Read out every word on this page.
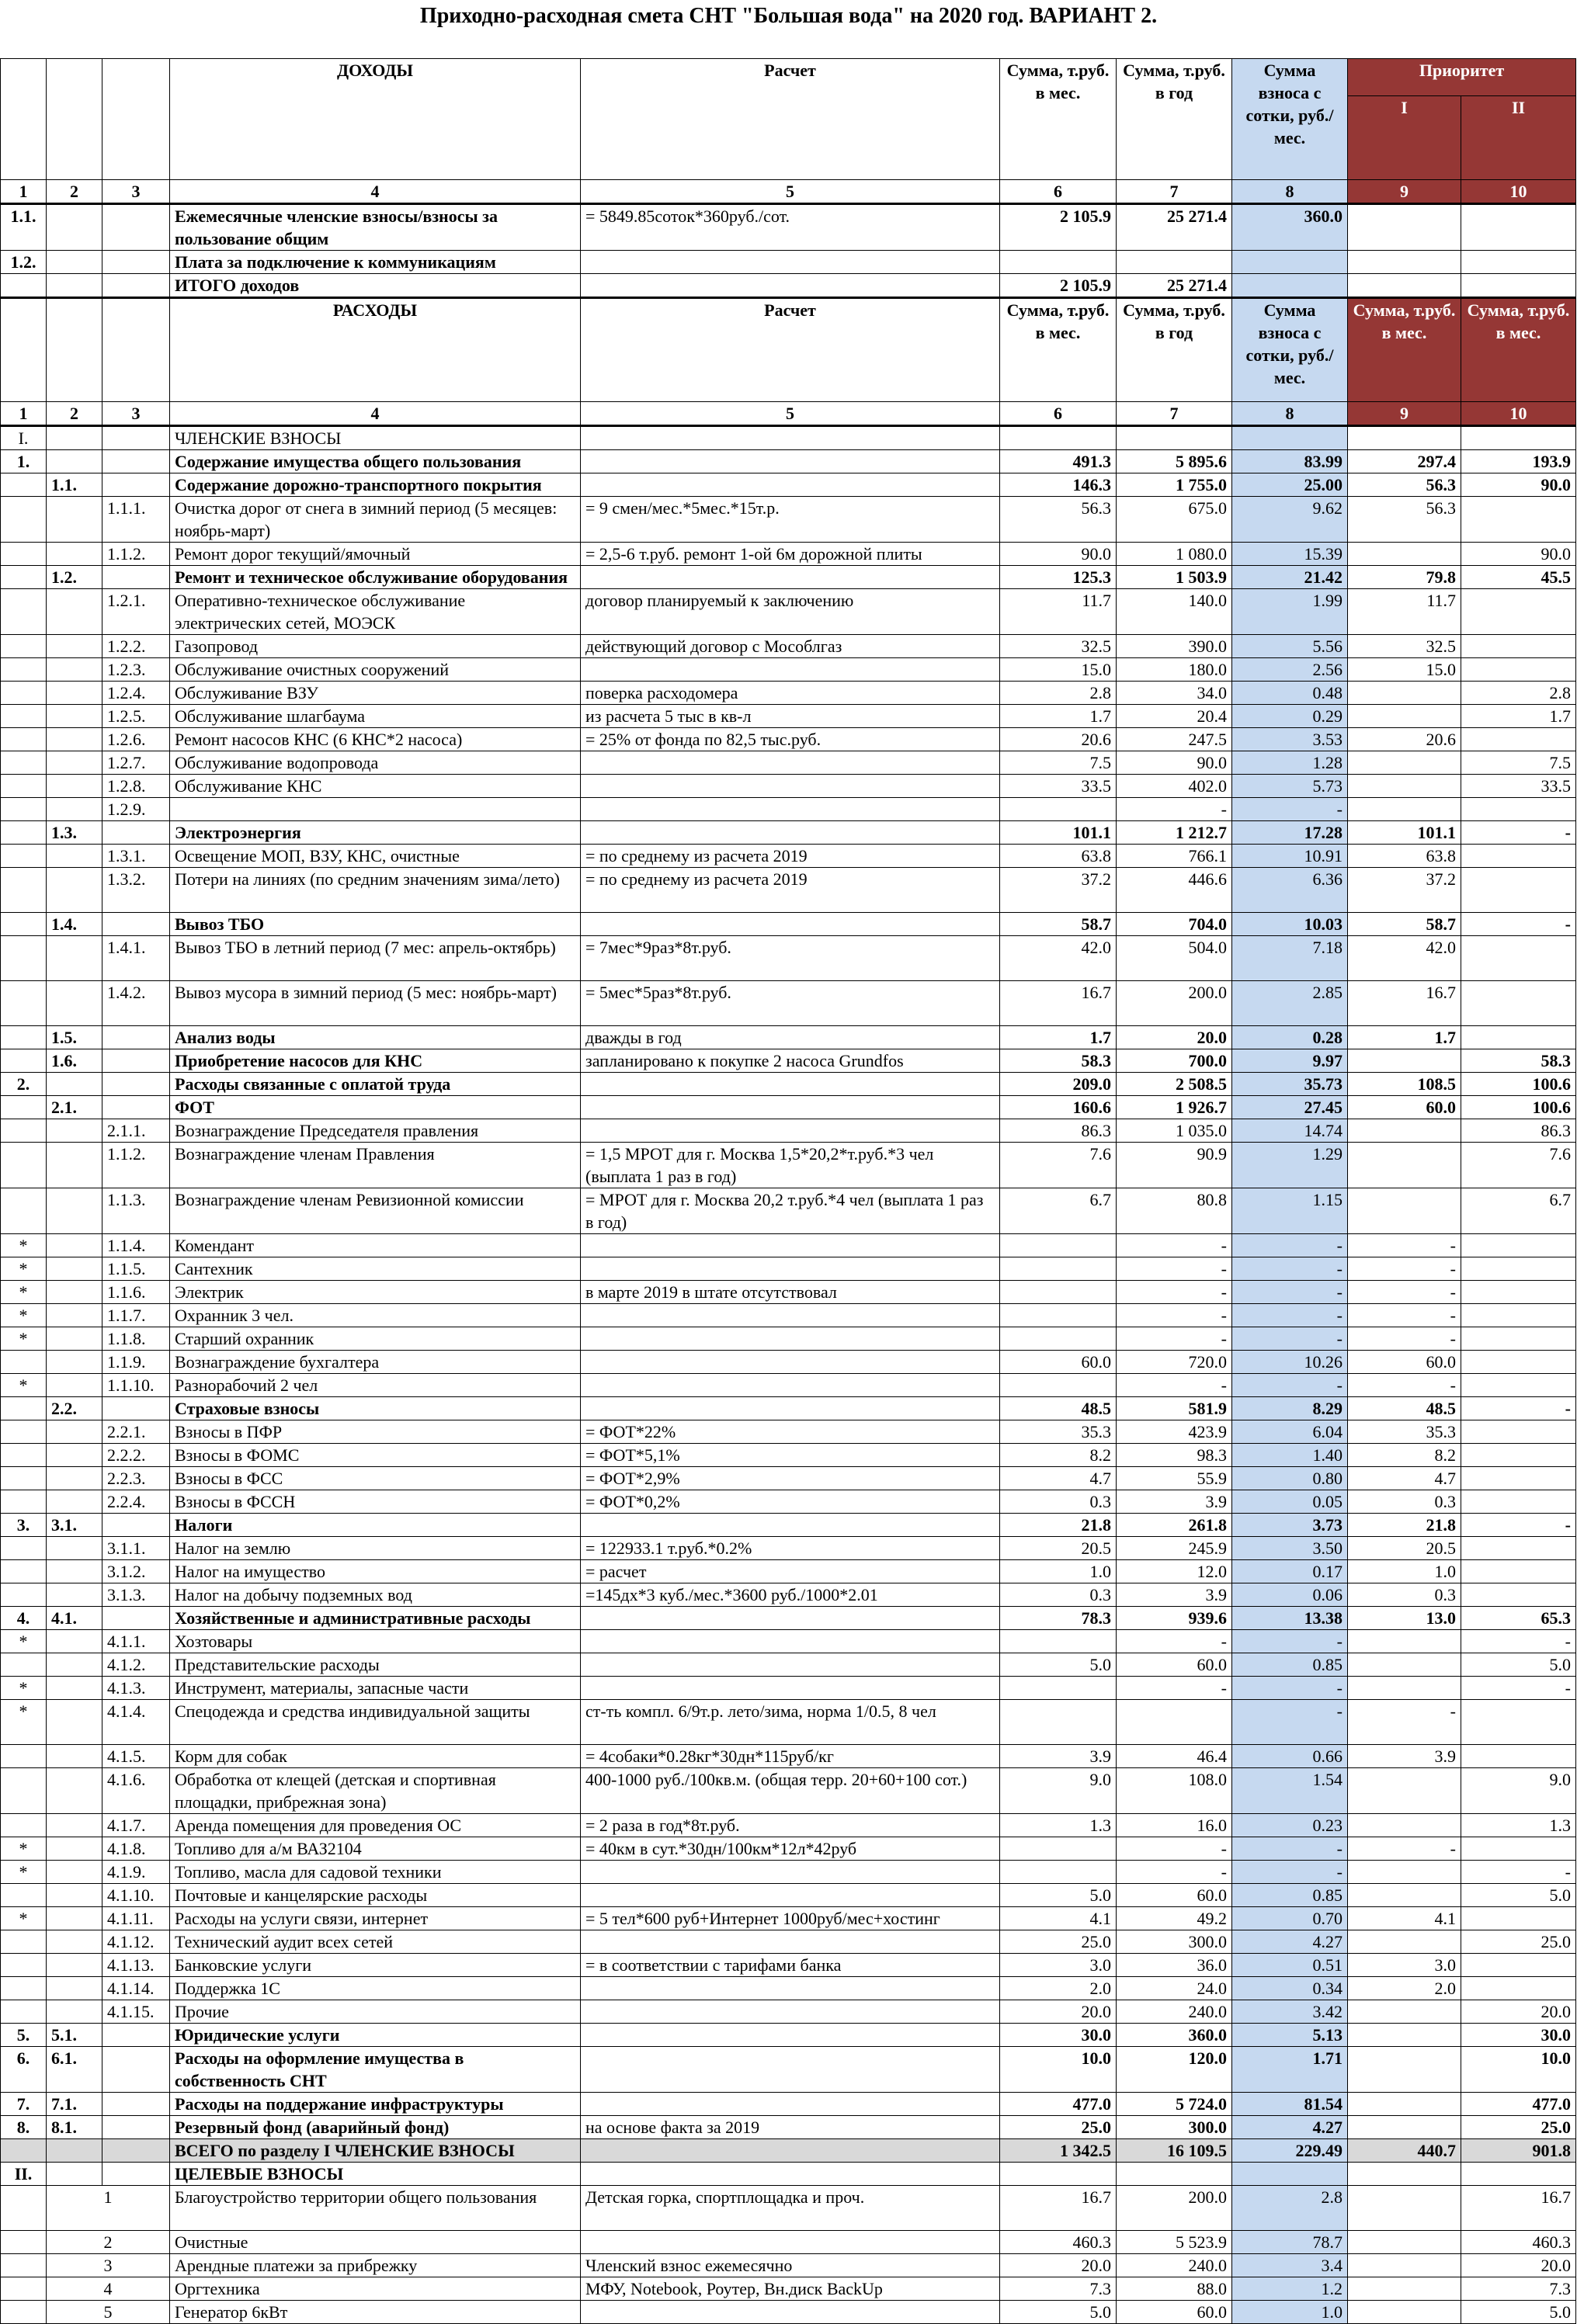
Приходно-расходная смета СНТ "Большая вода" на 2020 год. ВАРИАНТ 2.
			ДОХОДЫ	Расчет	Сумма, т.руб. в мес.	Сумма, т.руб. в год	Сумма взноса с сотки, руб./мес.	Приоритет	
								I	II
1	2	3	4	5	6	7	8	9	10
1.1.			Ежемесячные членские взносы/взносы за пользование общим	= 5849.85соток*360руб./сот.	2 105.9	25 271.4	360.0		
1.2.			Плата за подключение к коммуникациям						
			ИТОГО доходов		2 105.9	25 271.4			
			РАСХОДЫ	Расчет	Сумма, т.руб. в мес.	Сумма, т.руб. в год	Сумма взноса с сотки, руб./мес.	Сумма, т.руб. в мес.	Сумма, т.руб. в мес.
1	2	3	4	5	6	7	8	9	10
I.			ЧЛЕНСКИЕ ВЗНОСЫ						
1.			Содержание имущества общего пользования		491.3	5 895.6	83.99	297.4	193.9
	1.1.		Содержание дорожно-транспортного покрытия		146.3	1 755.0	25.00	56.3	90.0
		1.1.1.	Очистка дорог от снега в зимний период (5 месяцев: ноябрь-март)	= 9 смен/мес.*5мес.*15т.р.	56.3	675.0	9.62	56.3	
		1.1.2.	Ремонт дорог текущий/ямочный	= 2,5-6 т.руб. ремонт 1-ой 6м дорожной плиты	90.0	1 080.0	15.39		90.0
	1.2.		Ремонт и техническое обслуживание оборудования		125.3	1 503.9	21.42	79.8	45.5
		1.2.1.	Оперативно-техническое обслуживание электрических сетей, МОЭСК	договор планируемый к заключению	11.7	140.0	1.99	11.7	
		1.2.2.	Газопровод	действующий договор с Мособлгаз	32.5	390.0	5.56	32.5	
		1.2.3.	Обслуживание очистных сооружений		15.0	180.0	2.56	15.0	
		1.2.4.	Обслуживание ВЗУ	поверка расходомера	2.8	34.0	0.48		2.8
		1.2.5.	Обслуживание шлагбаума	из расчета 5 тыс в кв-л	1.7	20.4	0.29		1.7
		1.2.6.	Ремонт насосов КНС (6 КНС*2 насоса)	= 25% от фонда по 82,5 тыс.руб.	20.6	247.5	3.53	20.6	
		1.2.7.	Обслуживание водопровода		7.5	90.0	1.28		7.5
		1.2.8.	Обслуживание КНС		33.5	402.0	5.73		33.5
		1.2.9.				-	-		
	1.3.		Электроэнергия		101.1	1 212.7	17.28	101.1	-
		1.3.1.	Освещение МОП, ВЗУ, КНС, очистные	= по среднему из расчета 2019	63.8	766.1	10.91	63.8	
		1.3.2.	Потери на линиях (по средним значениям зима/лето)	= по среднему из расчета 2019	37.2	446.6	6.36	37.2	
	1.4.		Вывоз ТБО		58.7	704.0	10.03	58.7	-
		1.4.1.	Вывоз ТБО в летний период (7 мес: апрель-октябрь)	= 7мес*9раз*8т.руб.	42.0	504.0	7.18	42.0	
		1.4.2.	Вывоз мусора в зимний период (5 мес: ноябрь-март)	= 5мес*5раз*8т.руб.	16.7	200.0	2.85	16.7	
	1.5.		Анализ воды	дважды в год	1.7	20.0	0.28	1.7	
	1.6.		Приобретение насосов для КНС	запланировано к покупке 2 насоса Grundfos	58.3	700.0	9.97		58.3
2.			Расходы связанные с оплатой труда		209.0	2 508.5	35.73	108.5	100.6
	2.1.		ФОТ		160.6	1 926.7	27.45	60.0	100.6
		2.1.1.	Вознаграждение Председателя правления		86.3	1 035.0	14.74		86.3
		1.1.2.	Вознаграждение членам Правления	= 1,5 МРОТ для г. Москва 1,5*20,2*т.руб.*3 чел (выплата 1 раз в год)	7.6	90.9	1.29		7.6
		1.1.3.	Вознаграждение членам Ревизионной комиссии	= МРОТ для г. Москва 20,2 т.руб.*4 чел (выплата 1 раз в год)	6.7	80.8	1.15		6.7
*		1.1.4.	Комендант			-	-	-	
*		1.1.5.	Сантехник			-	-	-	
*		1.1.6.	Электрик	в марте 2019 в штате отсутствовал		-	-	-	
*		1.1.7.	Охранник 3 чел.			-	-	-	
*		1.1.8.	Старший охранник			-	-	-	
		1.1.9.	Вознаграждение бухгалтера		60.0	720.0	10.26	60.0	
*		1.1.10.	Разнорабочий 2 чел			-	-	-	
	2.2.		Страховые взносы		48.5	581.9	8.29	48.5	-
		2.2.1.	Взносы в ПФР	= ФОТ*22%	35.3	423.9	6.04	35.3	
		2.2.2.	Взносы в ФОМС	= ФОТ*5,1%	8.2	98.3	1.40	8.2	
		2.2.3.	Взносы в ФСС	= ФОТ*2,9%	4.7	55.9	0.80	4.7	
		2.2.4.	Взносы в ФССН	= ФОТ*0,2%	0.3	3.9	0.05	0.3	
3.	3.1.		Налоги		21.8	261.8	3.73	21.8	-
		3.1.1.	Налог на землю	= 122933.1 т.руб.*0.2%	20.5	245.9	3.50	20.5	
		3.1.2.	Налог на имущество	= расчет	1.0	12.0	0.17	1.0	
		3.1.3.	Налог на добычу подземных вод	=145дх*3 куб./мес.*3600 руб./1000*2.01	0.3	3.9	0.06	0.3	
4.	4.1.		Хозяйственные и административные расходы		78.3	939.6	13.38	13.0	65.3
*		4.1.1.	Хозтовары			-	-		-
		4.1.2.	Представительские расходы		5.0	60.0	0.85		5.0
*		4.1.3.	Инструмент, материалы, запасные части			-	-		-
*		4.1.4.	Спецодежда и средства индивидуальной защиты	ст-ть компл. 6/9т.р. лето/зима, норма 1/0.5, 8 чел			-	-	
		4.1.5.	Корм для собак	= 4собаки*0.28кг*30дн*115руб/кг	3.9	46.4	0.66	3.9	
		4.1.6.	Обработка от клещей (детская и спортивная площадки, прибрежная зона)	400-1000 руб./100кв.м. (общая терр. 20+60+100 сот.)	9.0	108.0	1.54		9.0
		4.1.7.	Аренда помещения для проведения ОС	= 2 раза в год*8т.руб.	1.3	16.0	0.23		1.3
*		4.1.8.	Топливо для а/м ВАЗ2104	= 40км в сут.*30дн/100км*12л*42руб		-	-	-	
*		4.1.9.	Топливо, масла для садовой техники			-	-		-
		4.1.10.	Почтовые и канцелярские расходы		5.0	60.0	0.85		5.0
*		4.1.11.	Расходы на услуги связи, интернет	= 5 тел*600 руб+Интернет 1000руб/мес+хостинг	4.1	49.2	0.70	4.1	
		4.1.12.	Технический аудит всех сетей		25.0	300.0	4.27		25.0
		4.1.13.	Банковские услуги	= в соответствии с тарифами банка	3.0	36.0	0.51	3.0	
		4.1.14.	Поддержка 1С		2.0	24.0	0.34	2.0	
		4.1.15.	Прочие		20.0	240.0	3.42		20.0
5.	5.1.		Юридические услуги		30.0	360.0	5.13		30.0
6.	6.1.		Расходы на оформление имущества в собственность СНТ		10.0	120.0	1.71		10.0
7.	7.1.		Расходы на поддержание инфраструктуры		477.0	5 724.0	81.54		477.0
8.	8.1.		Резервный фонд (аварийный фонд)	на основе факта за 2019	25.0	300.0	4.27		25.0
			ВСЕГО по разделу I ЧЛЕНСКИЕ ВЗНОСЫ		1 342.5	16 109.5	229.49	440.7	901.8
II.			ЦЕЛЕВЫЕ ВЗНОСЫ						
	1		Благоустройство территории общего пользования	Детская горка, спортплощадка и проч.	16.7	200.0	2.8		16.7
	2		Очистные		460.3	5 523.9	78.7		460.3
	3		Арендные платежи за прибрежку	Членский взнос ежемесячно	20.0	240.0	3.4		20.0
	4		Оргтехника	МФУ, Notebook, Роутер, Вн.диск BackUp	7.3	88.0	1.2		7.3
	5		Генератор 6кВт		5.0	60.0	1.0		5.0
